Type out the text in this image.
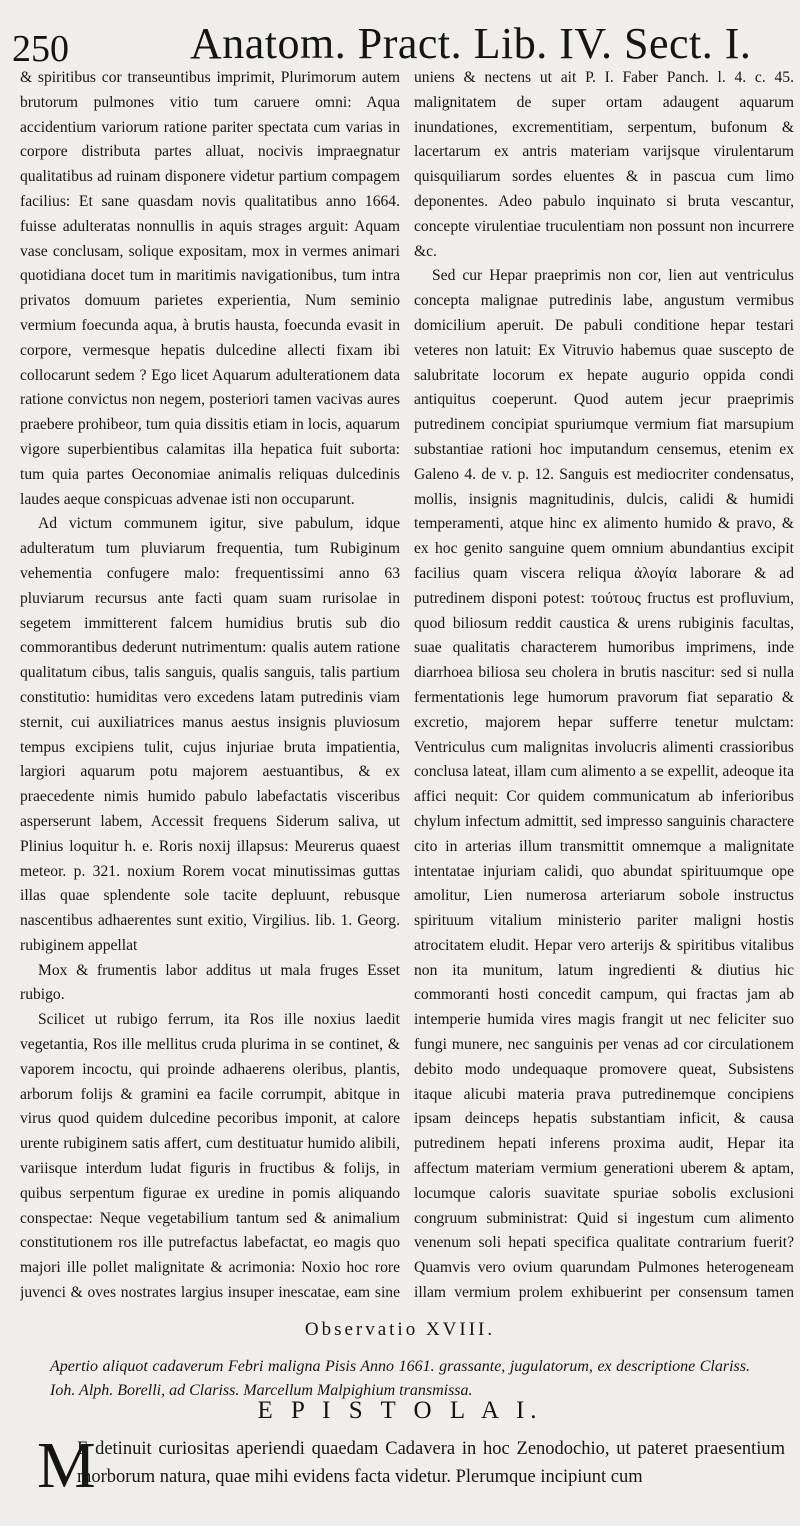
250	Anatom. Pract. Lib. IV. Sect. I.

& spiritibus cor transeuntibus imprimit, Plurimorum autem brutorum pulmones vitio tum caruere omni: Aqua accidentium variorum ratione pariter spectata cum varias in corpore distributa partes alluat, nocivis impraegnatur qualitatibus ad ruinam disponere videtur partium compagem facilius: Et sane quasdam novis qualitatibus anno 1664. fuisse adulteratas nonnullis in aquis strages arguit: Aquam vase conclusam, solique expositam, mox in vermes animari quotidiana docet tum in maritimis navigationibus, tum intra privatos domuum parietes experientia, Num seminio vermium foecunda aqua, à brutis hausta, foecunda evasit in corpore, vermesque hepatis dulcedine allecti fixam ibi collocarunt sedem ? Ego licet Aquarum adulterationem data ratione convictus non negem, posteriori tamen vacivas aures praebere prohibeor, tum quia dissitis etiam in locis, aquarum vigore superbientibus calamitas illa hepatica fuit suborta: tum quia partes Oeconomiae animalis reliquas dulcedinis laudes aeque conspicuas advenae isti non occuparunt.

Ad victum communem igitur, sive pabulum, idque adulteratum tum pluviarum frequentia, tum Rubiginum vehementia confugere malo: frequentissimi anno 63 pluviarum recursus ante facti quam suam rurisolae in segetem immitterent falcem humidius brutis sub dio commorantibus dederunt nutrimentum: qualis autem ratione qualitatum cibus, talis sanguis, qualis sanguis, talis partium constitutio: humiditas vero excedens latam putredinis viam sternit, cui auxiliatrices manus aestus insignis pluviosum tempus excipiens tulit, cujus injuriae bruta impatientia, largiori aquarum potu majorem aestuantibus, & ex praecedente nimis humido pabulo labefactatis visceribus asperserunt labem, Accessit frequens Siderum saliva, ut Plinius loquitur h. e. Roris noxij illapsus: Meurerus quaest meteor. p. 321. noxium Rorem vocat minutissimas guttas illas quae splendente sole tacite depluunt, rebusque nascentibus adhaerentes sunt exitio, Virgilius. lib. 1. Georg. rubiginem appellat

Mox & frumentis labor additus ut mala fruges Esset rubigo.

Scilicet ut rubigo ferrum, ita Ros ille noxius laedit vegetantia, Ros ille mellitus cruda plurima in se continet, & vaporem incoctu, qui proinde adhaerens oleribus, plantis, arborum folijs & gramini ea facile corrumpit, abitque in virus quod quidem dulcedine pecoribus imponit, at calore urente rubiginem satis affert, cum destituatur humido alibili, variisque interdum ludat figuris in fructibus & folijs, in quibus serpentum figurae ex uredine in pomis aliquando conspectae: Neque vegetabilium tantum sed & animalium constitutionem ros ille putrefactus labefactat, eo magis quo majori ille pollet malignitate & acrimonia: Noxio hoc rore juvenci & oves nostrates largius insuper inescatae, eam sine

uniens & nectens ut ait P. I. Faber Panch. l. 4. c. 45. malignitatem de super ortam adaugent aquarum inundationes, excrementitiam, serpentum, bufonum & lacertarum ex antris materiam varijsque virulentarum quisquiliarum sordes eluentes & in pascua cum limo deponentes. Adeo pabulo inquinato si bruta vescantur, concepte virulentiae truculentiam non possunt non incurrere &c.

Sed cur Hepar praeprimis non cor, lien aut ventriculus concepta malignae putredinis labe, angustum vermibus domicilium aperuit. De pabuli conditione hepar testari veteres non latuit: Ex Vitruvio habemus quae suscepto de salubritate locorum ex hepate augurio oppida condi antiquitus coeperunt. Quod autem jecur praeprimis putredinem concipiat spuriumque vermium fiat marsupium substantiae rationi hoc imputandum censemus, etenim ex Galeno 4. de v. p. 12. Sanguis est mediocriter condensatus, mollis, insignis magnitudinis, dulcis, calidi & humidi temperamenti, atque hinc ex alimento humido & pravo, & ex hoc genito sanguine quem omnium abundantius excipit facilius quam viscera reliqua ἀλογία laborare & ad putredinem disponi potest: τούτους fructus est profluvium, quod biliosum reddit caustica & urens rubiginis facultas, suae qualitatis characterem humoribus imprimens, inde diarrhoea biliosa seu cholera in brutis nascitur: sed si nulla fermentationis lege humorum pravorum fiat separatio & excretio, majorem hepar sufferre tenetur mulctam: Ventriculus cum malignitas involucris alimenti crassioribus conclusa lateat, illam cum alimento a se expellit, adeoque ita affici nequit: Cor quidem communicatum ab inferioribus chylum infectum admittit, sed impresso sanguinis charactere cito in arterias illum transmittit omnemque a malignitate intentatae injuriam calidi, quo abundat spirituumque ope amolitur, Lien numerosa arteriarum sobole instructus spirituum vitalium ministerio pariter maligni hostis atrocitatem eludit. Hepar vero arterijs & spiritibus vitalibus non ita munitum, latum ingredienti & diutius hic commoranti hosti concedit campum, qui fractas jam ab intemperie humida vires magis frangit ut nec feliciter suo fungi munere, nec sanguinis per venas ad cor circulationem debito modo undequaque promovere queat, Subsistens itaque alicubi materia prava putredinemque concipiens ipsam deinceps hepatis substantiam inficit, & causa putredinem hepati inferens proxima audit, Hepar ita affectum materiam vermium generationi uberem & aptam, locumque caloris suavitate spuriae sobolis exclusioni congruum subministrat: Quid si ingestum cum alimento venenum soli hepati specifica qualitate contrarium fuerit? Quamvis vero ovium quarundam Pulmones heterogeneam illam vermium prolem exhibuerint per consensum tamen

Observatio XVIII.
Apertio aliquot cadaverum Febri maligna Pisis Anno 1661. grassante, jugulatorum, ex descriptione Clariss. Ioh. Alph. Borelli, ad Clariss. Marcellum Malpighium transmissa.
E P I S T O L A I.
M
E detinuit curiositas aperiendi quaedam Cadavera in hoc Zenodochio, ut pateret praesentium morborum natura, quae mihi evidens facta videtur. Plerumque incipiunt cum
